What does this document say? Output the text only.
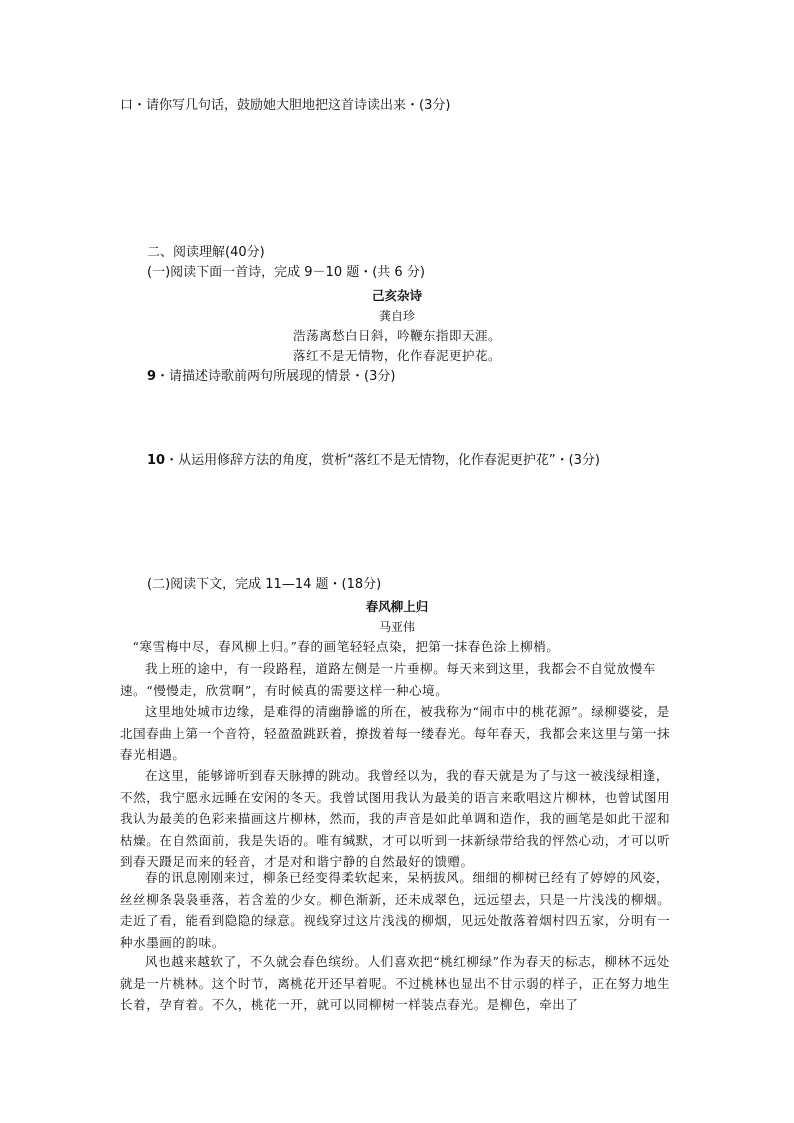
口・请你写几句话，鼓励她大胆地把这首诗读出来・(3分)
二、阅读理解(40分)
(一)阅读下面一首诗，完成 9－10 题・(共 6 分)
己亥杂诗
龚自珍
浩荡离愁白日斜，吟鞭东指即天涯。
落红不是无情物，化作春泥更护花。
9・请描述诗歌前两句所展现的情景・(3分)
10・从运用修辞方法的角度，赏析“落红不是无情物，化作春泥更护花”・(3分)
(二)阅读下文，完成 11—14 题・(18分)
春风柳上归
马亚伟
“寒雪梅中尽，春风柳上归。”春的画笔轻轻点染，把第一抹春色涂上柳梢。
我上班的途中，有一段路程，道路左侧是一片垂柳。每天来到这里，我都会不自觉放慢车速。“慢慢走，欣赏啊”，有时候真的需要这样一种心境。
这里地处城市边缘，是难得的清幽静谧的所在，被我称为“闹市中的桃花源”。绿柳婆娑，是北国春曲上第一个音符，轻盈盈跳跃着，撩拨着每一缕春光。每年春天，我都会来这里与第一抹春光相遇。
在这里，能够谛听到春天脉搏的跳动。我曾经以为，我的春天就是为了与这一被浅绿相逢，不然，我宁愿永远睡在安闲的冬天。我曾试图用我认为最美的语言来歌唱这片柳林，也曾试图用我认为最美的色彩来描画这片柳林，然而，我的声音是如此单调和造作，我的画笔是如此干涩和枯燥。在自然面前，我是失语的。唯有缄默，才可以听到一抹新绿带给我的怦然心动，才可以听到春天蹑足而来的轻音，才是对和谐宁静的自然最好的馈赠。
春的讯息刚刚来过，柳条已经变得柔软起来，呆柄拔风。细细的柳树已经有了婷婷的风姿，丝丝柳条袅袅垂落，若含羞的少女。柳色渐新，还未成翠色，远远望去，只是一片浅浅的柳烟。走近了看，能看到隐隐的绿意。视线穿过这片浅浅的柳烟，见远处散落着烟村四五家，分明有一种水墨画的韵味。
风也越来越软了，不久就会春色缤纷。人们喜欢把“桃红柳绿”作为春天的标志，柳林不远处就是一片桃林。这个时节，离桃花开还早着呢。不过桃林也显出不甘示弱的样子，正在努力地生长着，孕育着。不久，桃花一开，就可以同柳树一样装点春光。是柳色，牵出了
